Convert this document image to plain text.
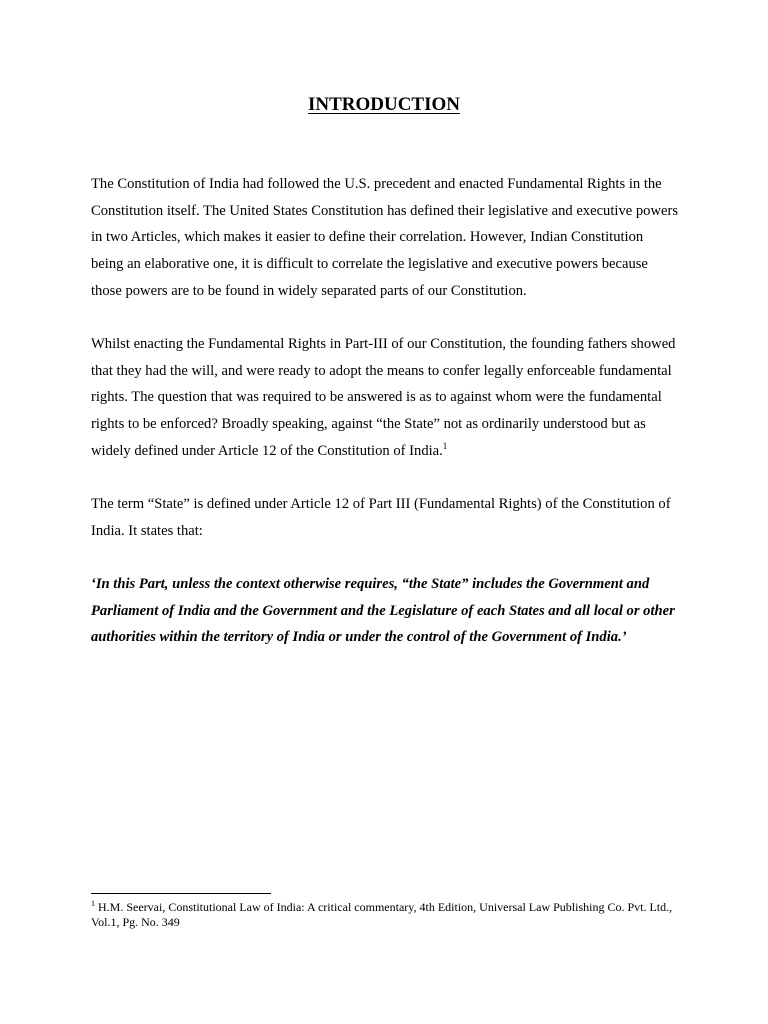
INTRODUCTION

The Constitution of India had followed the U.S. precedent and enacted Fundamental Rights in the Constitution itself. The United States Constitution has defined their legislative and executive powers in two Articles, which makes it easier to define their correlation. However, Indian Constitution being an elaborative one, it is difficult to correlate the legislative and executive powers because those powers are to be found in widely separated parts of our Constitution.

Whilst enacting the Fundamental Rights in Part-III of our Constitution, the founding fathers showed that they had the will, and were ready to adopt the means to confer legally enforceable fundamental rights. The question that was required to be answered is as to against whom were the fundamental rights to be enforced? Broadly speaking, against “the State” not as ordinarily understood but as widely defined under Article 12 of the Constitution of India.$^1$

The term “State” is defined under Article 12 of Part III (Fundamental Rights) of the Constitution of India. It states that:

‘In this Part, unless the context otherwise requires, “the State” includes the Government and Parliament of India and the Government and the Legislature of each States and all local or other authorities within the territory of India or under the control of the Government of India.’

$^1$ H.M. Seervai, Constitutional Law of India: A critical commentary, 4th Edition, Universal Law Publishing Co. Pvt. Ltd., Vol.1, Pg. No. 349
